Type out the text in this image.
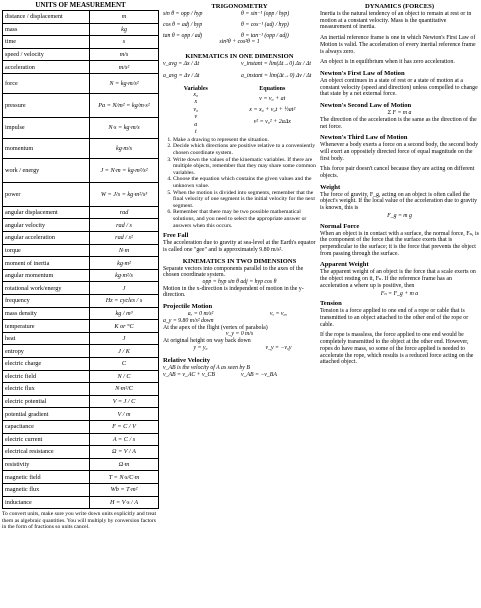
UNITS OF MEASUREMENT
distance / displacement	m
mass	kg
time	s
speed / velocity	m/s
acceleration	m/s²
force	N = kg·m/s²
pressure	Pa = N/m² = kg/m·s²
impulse	N·s = kg·m/s
momentum	kg·m/s
work / energy	J = N·m = kg·m²/s²
power	W = J/s = kg·m²/s³
angular displacement	rad
angular velocity	rad / s
angular acceleration	rad / s²
torque	N·m
moment of inertia	kg·m²
angular momentum	kg·m²/s
rotational work/energy	J
frequency	Hz = cycles / s
mass density	kg / m³
temperature	K or °C
heat	J
entropy	J / K
electric charge	C
electric field	N / C
electric flux	N·m²/C
electric potential	V = J / C
potential gradient	V / m
capacitance	F = C / V
electric current	A = C / s
electrical resistance	Ω = V / A
resistivity	Ω·m
magnetic field	T = N·s/C·m
magnetic flux	Wb = T·m²
inductance	H = V·s / A
To convert units, make sure you write down units explicitly and treat them as algebraic quantities. You will multiply by conversion factors in the form of fractions so units cancel.
TRIGONOMETRY
sin θ = opp / hyp	θ = sin⁻¹ (opp / hyp)
cos θ = adj / hyp	θ = cos⁻¹ (adj / hyp)
tan θ = opp / adj	θ = tan⁻¹ (opp / adj)
sin²θ + cos²θ = 1
KINEMATICS IN ONE DIMENSION
v_avg = Δx / Δt	v_instant = lim(Δt→0) Δx / Δt
a_avg = Δv / Δt	a_instant = lim(Δt→0) Δv / Δt
Variables
x₀
x
v₀
v
a
t
Equations
v = v₀ + at
x = x₀ + v₀t + ½at²
v² = v₀² + 2aΔx
1. Make a drawing to represent the situation.
2. Decide which directions are positive relative to a conveniently chosen coordinate system.
3. Write down the values of the kinematic variables. If there are multiple objects, remember that they may share some common variables.
4. Choose the equation which contains the given values and the unknown value.
5. When the motion is divided into segments, remember that the final velocity of one segment is the initial velocity for the next segment.
6. Remember that there may be two possible mathematical solutions, and you need to select the appropriate answer or answers when this occurs.
Free Fall
The acceleration due to gravity at sea-level at the Earth's equator is called one "gee" and is approximately 9.80 m/s².
KINEMATICS IN TWO DIMENSIONS
Separate vectors into components parallel to the axes of the chosen coordinate system.
opp = hyp sin θ adj = hyp cos θ
Motion in the x-direction is independent of motion in the y-direction.
Projectile Motion
aₓ = 0 m/s²	vₓ = v₀ₓ
a_y = 9.80 m/s² down
At the apex of the flight (vertex of parabola)
v_y = 0 m/s
At original height on way back down
y = y₀	v_y = −v₀y
Relative Velocity
v_AB is the velocity of A as seen by B
v_AB = v_AC + v_CB	v_AB = −v_BA
DYNAMICS (FORCES)
Inertia is the natural tendency of an object to remain at rest or in motion at a constant velocity. Mass is the quantitative measurement of inertia.
An inertial reference frame is one in which Newton's First Law of Motion is valid. The acceleration of every inertial reference frame is always zero.
An object is in equilibrium when it has zero acceleration.
Newton's First Law of Motion
An object continues in a state of rest or a state of motion at a constant velocity (speed and direction) unless compelled to change that state by a net external force.
Newton's Second Law of Motion
Σ F = m a
The direction of the acceleration is the same as the direction of the net force.
Newton's Third Law of Motion
Whenever a body exerts a force on a second body, the second body will exert an oppositely directed force of equal magnitude on the first body.
This force pair doesn't cancel because they are acting on different objects.
Weight
The force of gravity, F_g, acting on an object is often called the object's weight. If the local value of the acceleration due to gravity is known, this is
F_g = m g
Normal Force
When an object is in contact with a surface, the normal force, Fₙ, is the component of the force that the surface exerts that is perpendicular to the surface; it is the force that prevents the object from passing through the surface.
Apparent Weight
The apparent weight of an object is the force that a scale exerts on the object resting on it, Fₙ. If the reference frame has an acceleration a where up is positive, then
Fₙ = F_g + m a
Tension
Tension is a force applied to one end of a rope or cable that is transmitted to an object attached to the other end of the rope or cable.
If the rope is massless, the force applied to one end would be completely transmitted to the object at the other end. However, ropes do have mass, so some of the force applied is needed to accelerate the rope, which results is a reduced force acting on the attached object.
